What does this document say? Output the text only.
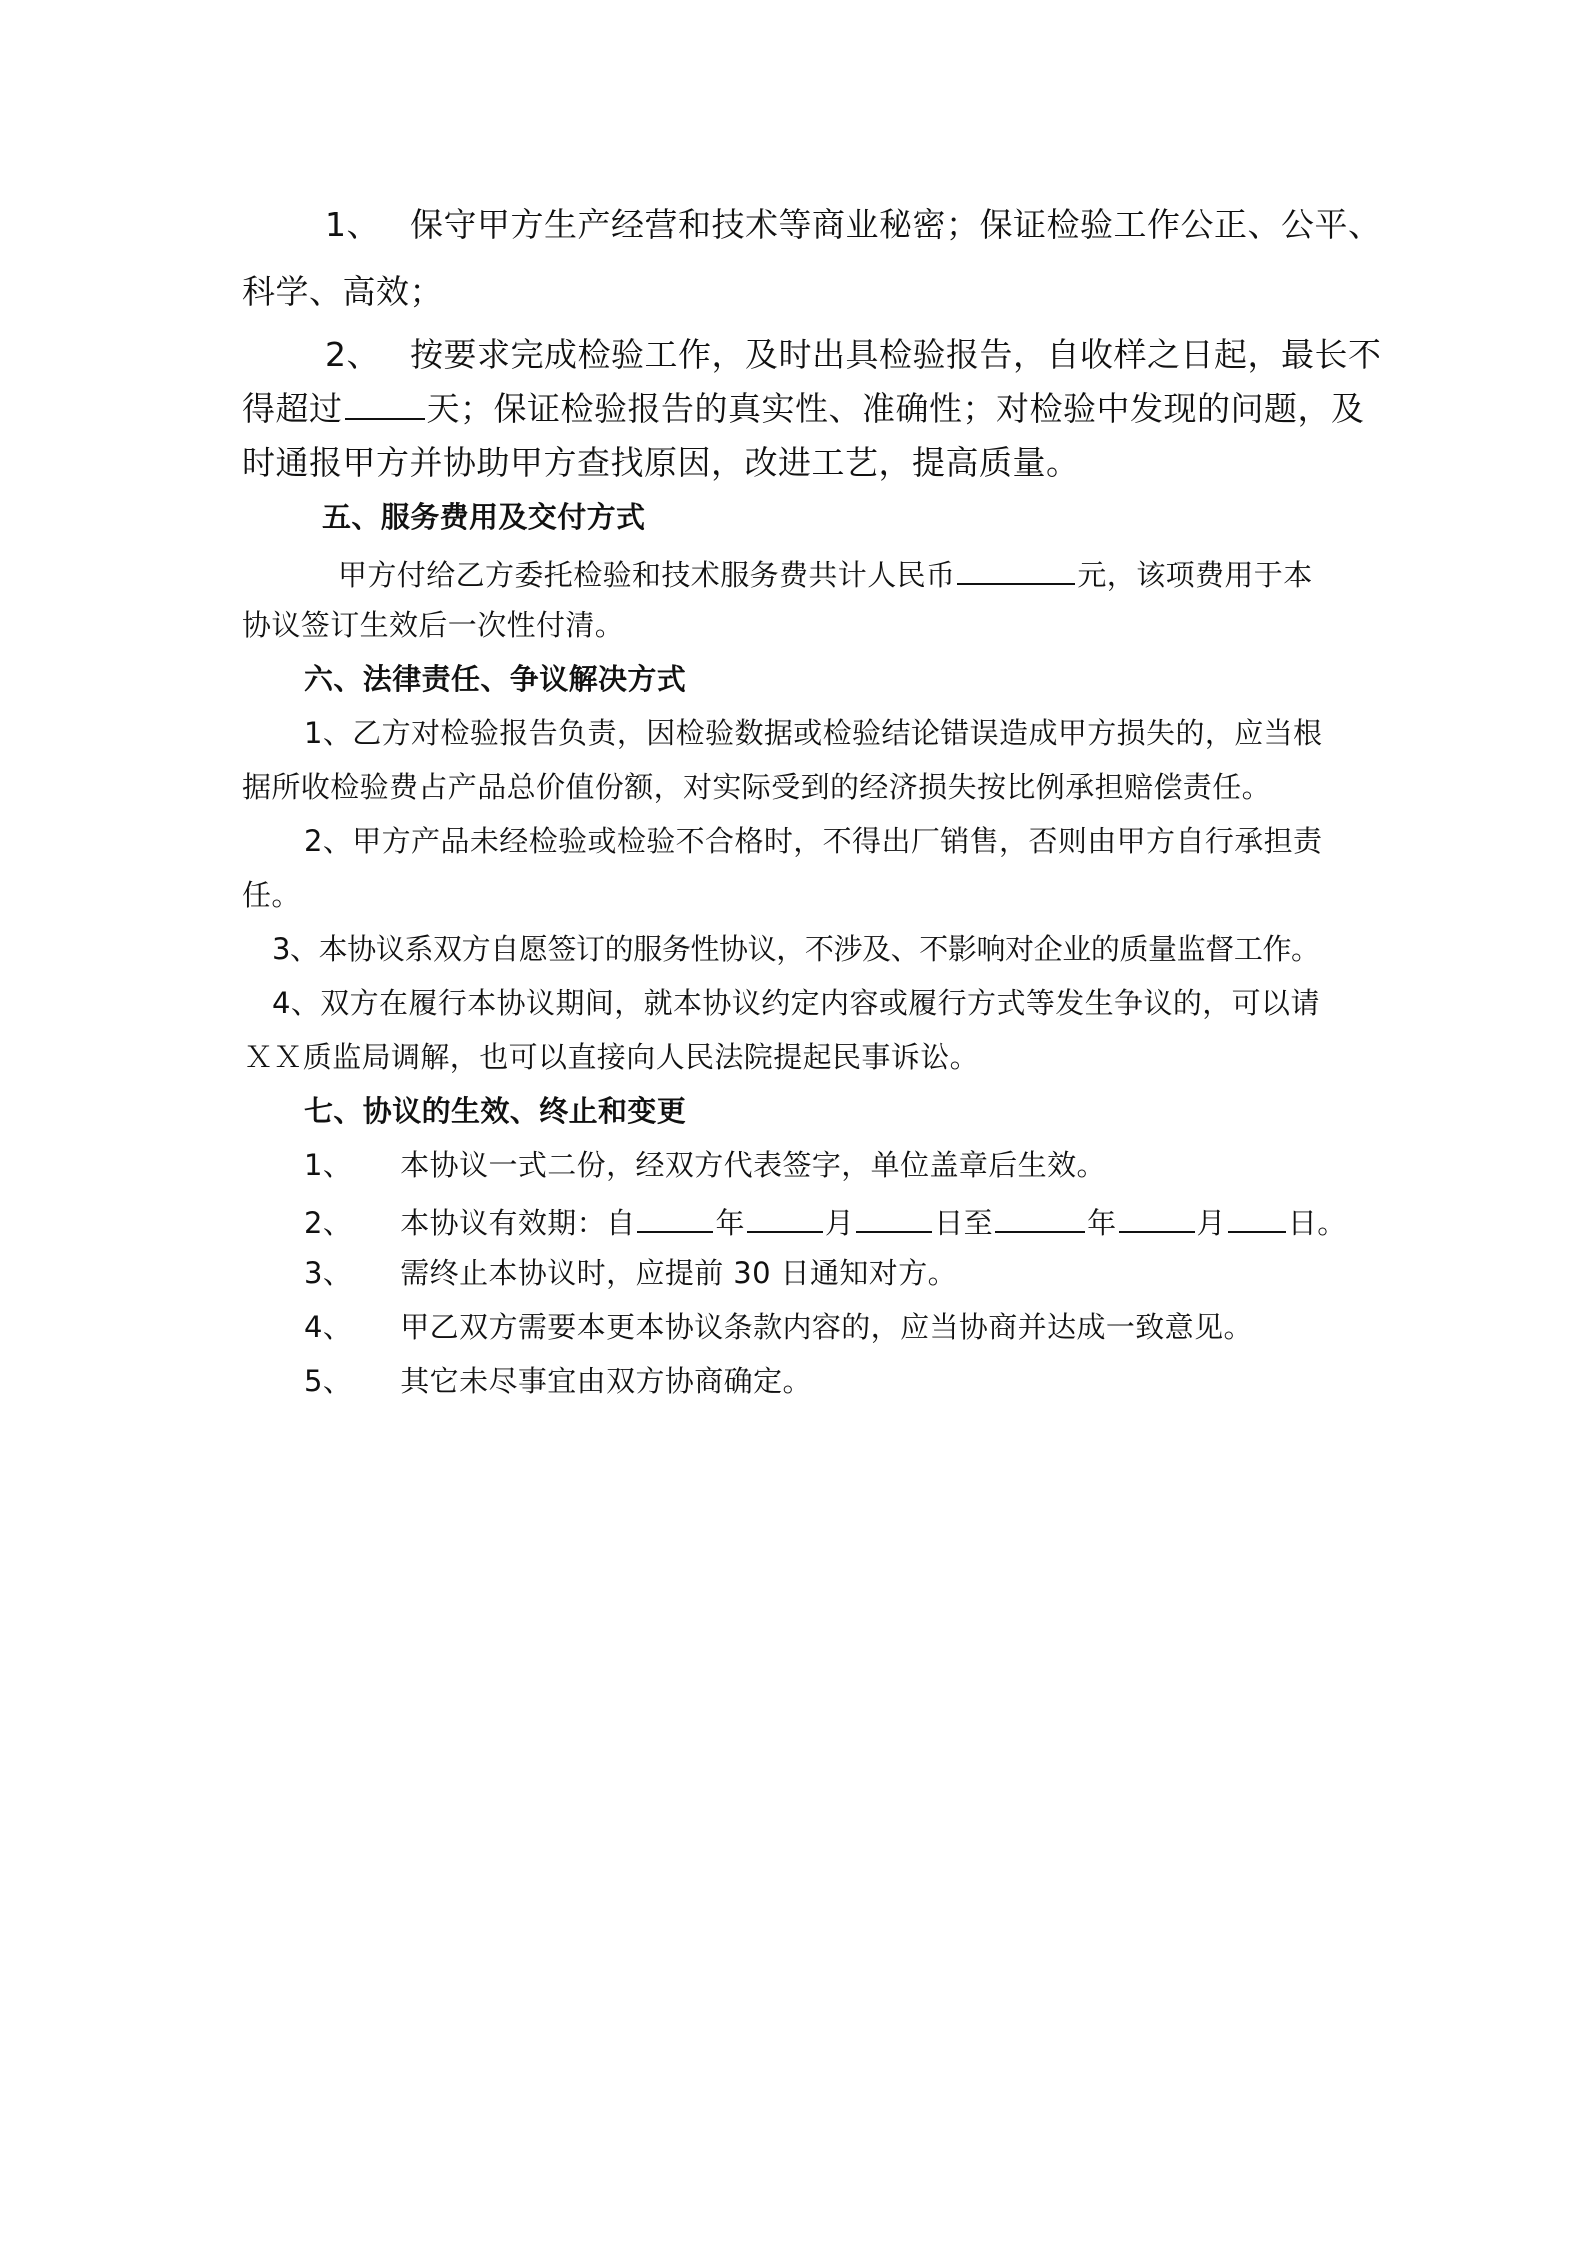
1、 保守甲方生产经营和技术等商业秘密；保证检验工作公正、公平、
科学、高效；
2、 按要求完成检验工作，及时出具检验报告，自收样之日起，最长不
得超过	天；保证检验报告的真实性、准确性；对检验中发现的问题，及
时通报甲方并协助甲方查找原因，改进工艺，提高质量。
五、服务费用及交付方式
甲方付给乙方委托检验和技术服务费共计人民币	元，该项费用于本
协议签订生效后一次性付清。
六、法律责任、争议解决方式
1、乙方对检验报告负责，因检验数据或检验结论错误造成甲方损失的，应当根
据所收检验费占产品总价值份额，对实际受到的经济损失按比例承担赔偿责任。
2、甲方产品未经检验或检验不合格时，不得出厂销售，否则由甲方自行承担责
任。
3、本协议系双方自愿签订的服务性协议，不涉及、不影响对企业的质量监督工作。
4、双方在履行本协议期间，就本协议约定内容或履行方式等发生争议的，可以请
ＸＸ质监局调解，也可以直接向人民法院提起民事诉讼。
七、协议的生效、终止和变更
1、 本协议一式二份，经双方代表签字，单位盖章后生效。
2、 本协议有效期：自	年	月	日至	年	月 日。
3、 需终止本协议时，应提前 30 日通知对方。
4、 甲乙双方需要本更本协议条款内容的，应当协商并达成一致意见。
5、 其它未尽事宜由双方协商确定。
